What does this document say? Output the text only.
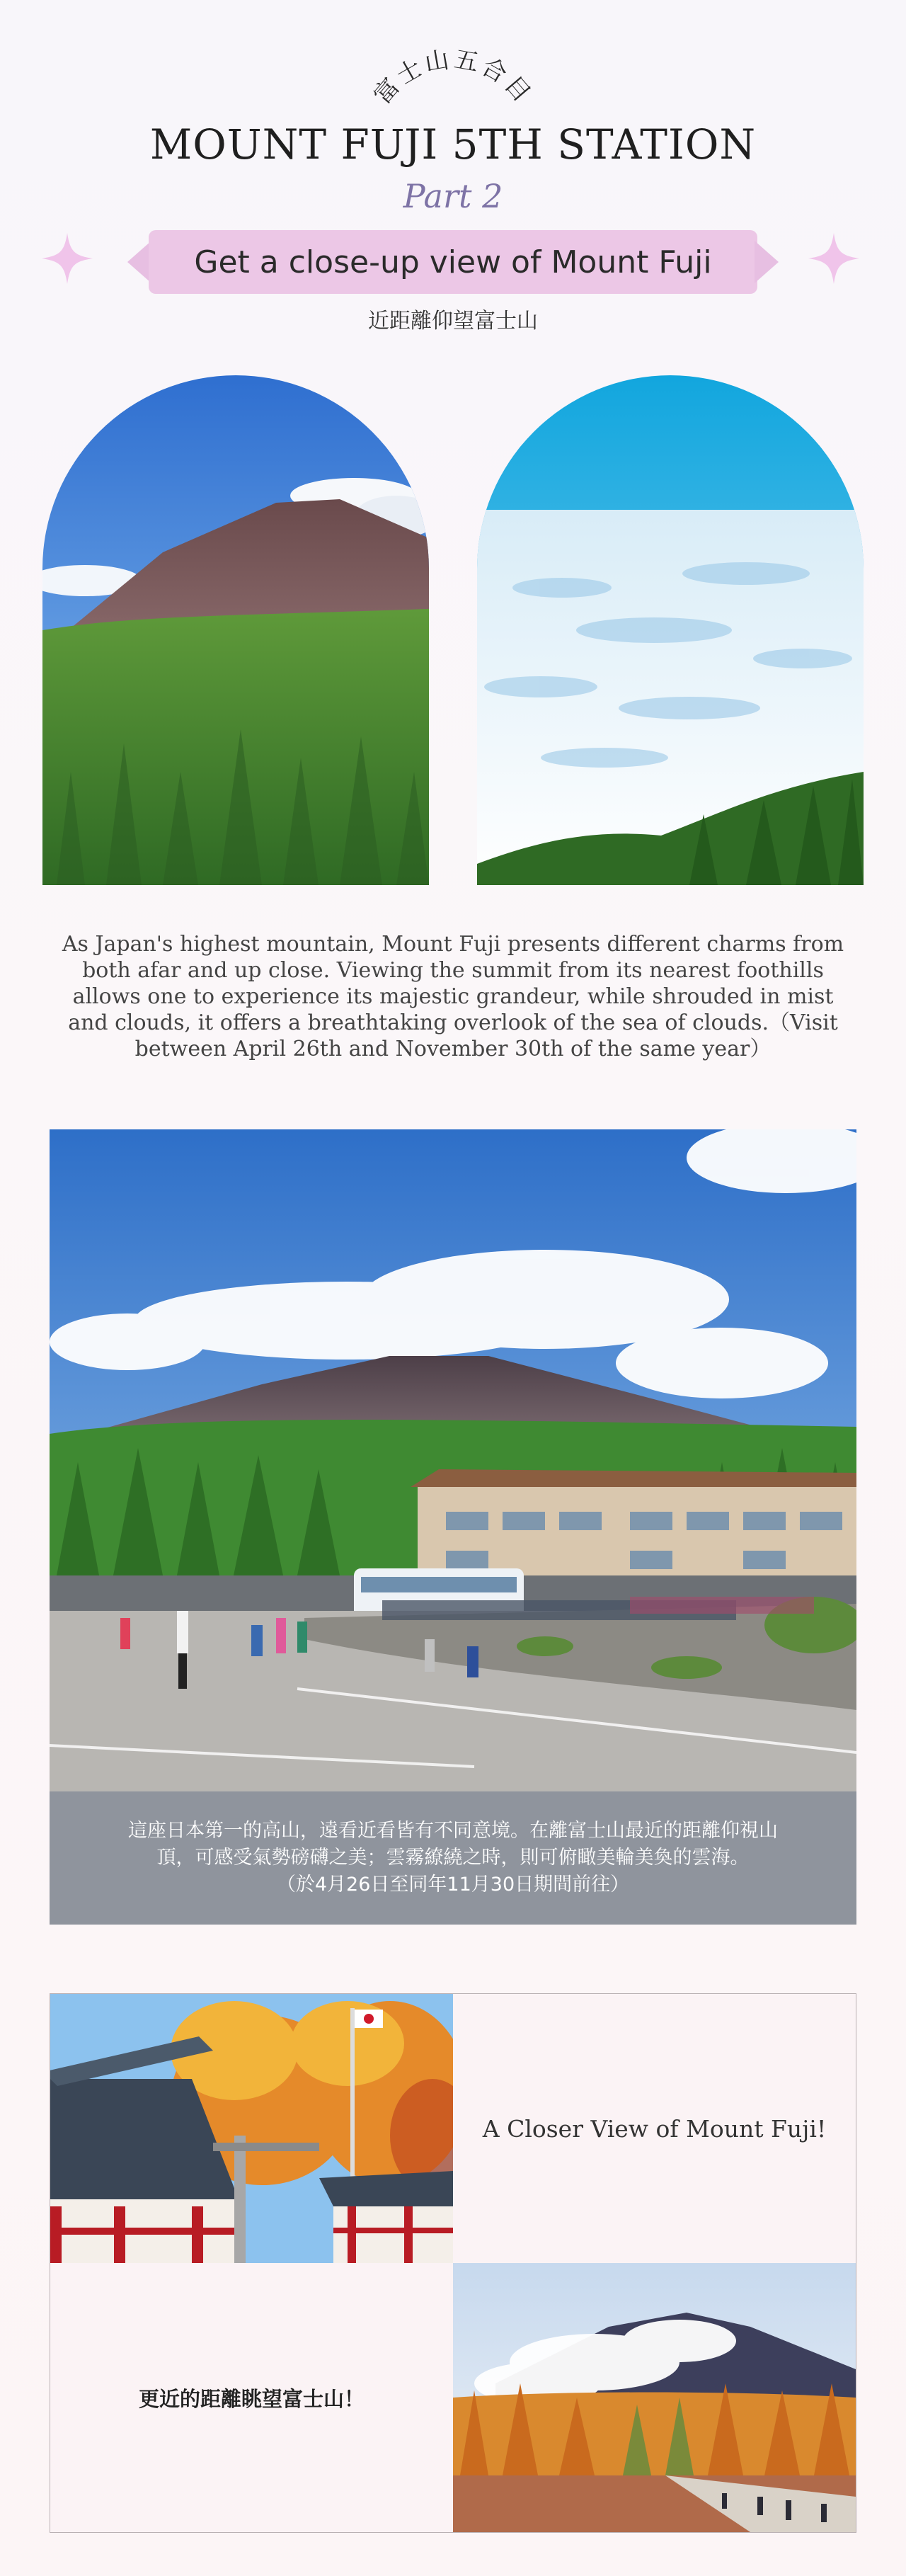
富士山五合目
MOUNT FUJI 5TH STATION
Part 2
Get a close-up view of Mount Fuji
近距離仰望富士山
As Japan's highest mountain, Mount Fuji presents different charms from both afar and up close. Viewing the summit from its nearest foothills allows one to experience its majestic grandeur, while shrouded in mist and clouds, it offers a breathtaking overlook of the sea of clouds.（Visit between April 26th and November 30th of the same year）
這座日本第一的高山，遠看近看皆有不同意境。在離富士山最近的距離仰視山
頂，可感受氣勢磅礴之美；雲霧繚繞之時，則可俯瞰美輪美奐的雲海。
（於4月26日至同年11月30日期間前往）
A Closer View of Mount Fuji!
更近的距離眺望富士山！
